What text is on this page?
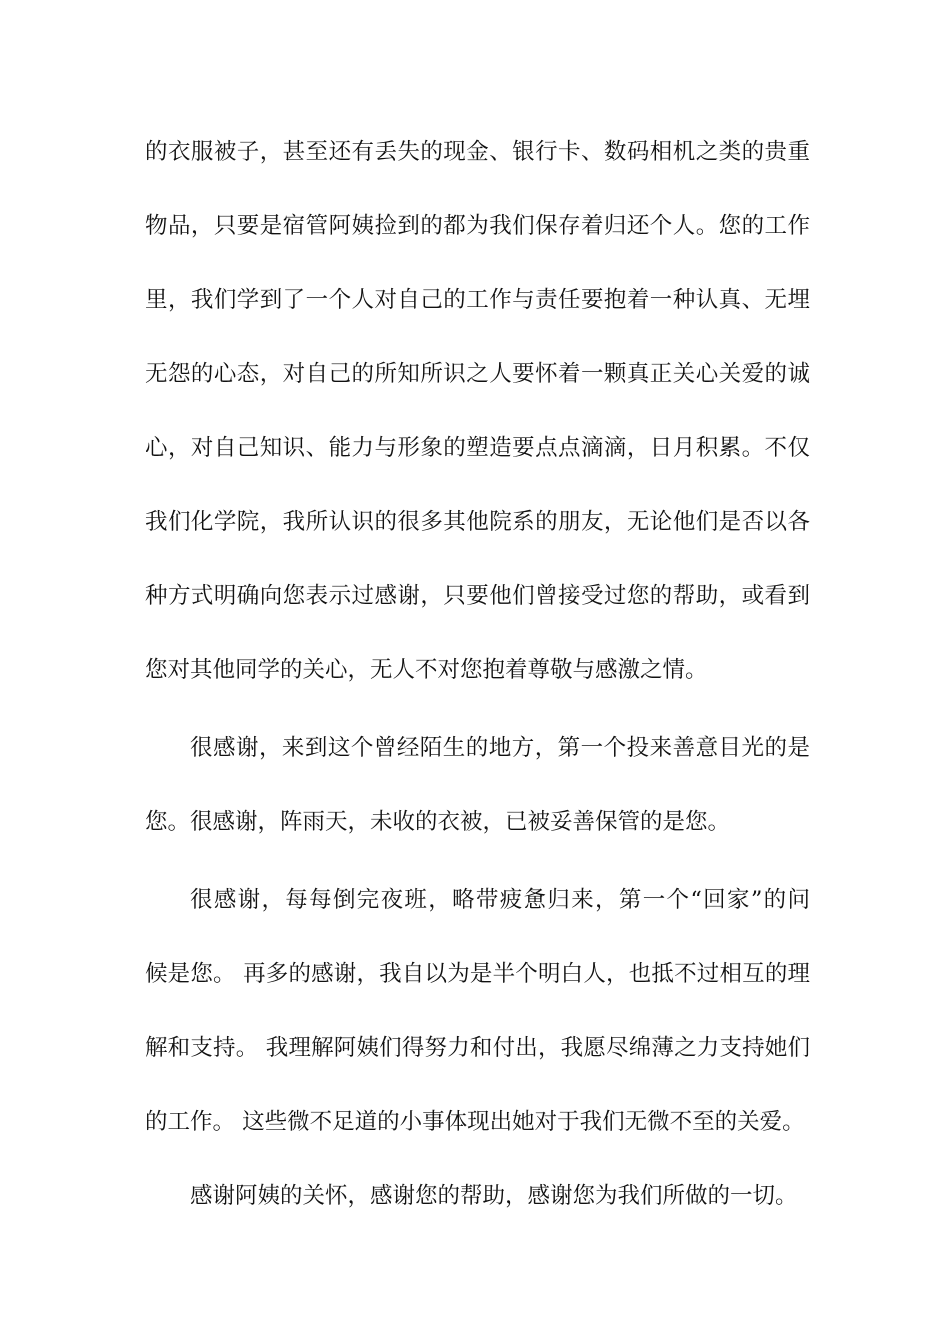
的衣服被子，甚至还有丢失的现金、银行卡、数码相机之类的贵重
物品，只要是宿管阿姨捡到的都为我们保存着归还个人。您的工作
里，我们学到了一个人对自己的工作与责任要抱着一种认真、无埋
无怨的心态，对自己的所知所识之人要怀着一颗真正关心关爱的诚
心，对自己知识、能力与形象的塑造要点点滴滴，日月积累。不仅
我们化学院，我所认识的很多其他院系的朋友，无论他们是否以各
种方式明确向您表示过感谢，只要他们曾接受过您的帮助，或看到
您对其他同学的关心，无人不对您抱着尊敬与感激之情。
很感谢，来到这个曾经陌生的地方，第一个投来善意目光的是
您。很感谢，阵雨天，未收的衣被，已被妥善保管的是您。
很感谢，每每倒完夜班，略带疲惫归来，第一个“回家”的问
候是您。 再多的感谢，我自以为是半个明白人，也抵不过相互的理
解和支持。 我理解阿姨们得努力和付出，我愿尽绵薄之力支持她们
的工作。 这些微不足道的小事体现出她对于我们无微不至的关爱。
感谢阿姨的关怀，感谢您的帮助，感谢您为我们所做的一切。
